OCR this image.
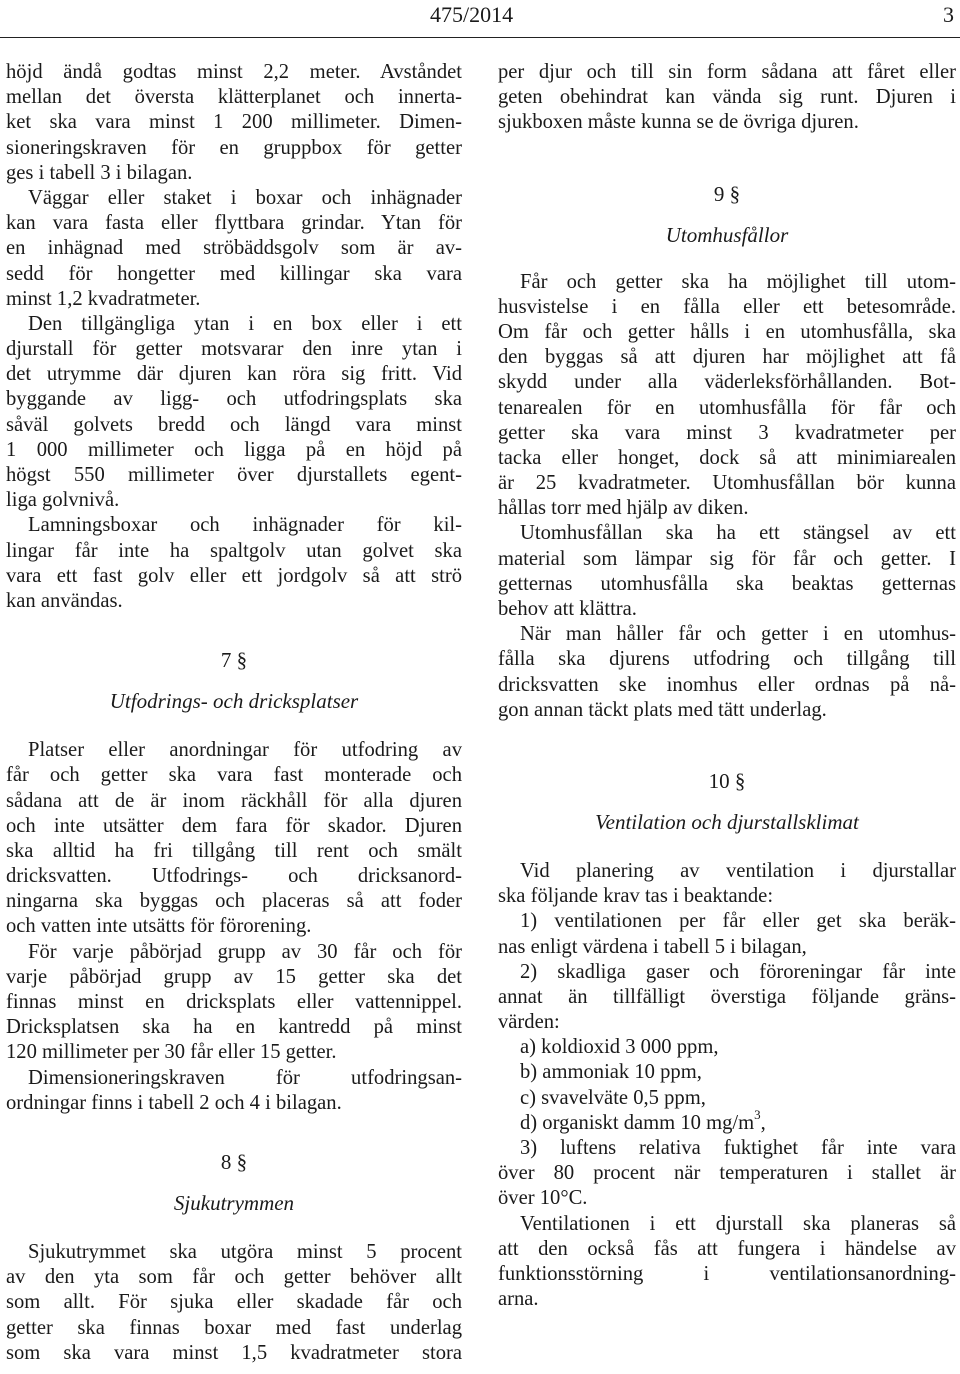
475/2014	3
höjd ändå godtas minst 2,2 meter. Avståndet
mellan det översta klätterplanet och innerta-
ket ska vara minst 1 200 millimeter. Dimen-
sioneringskraven för en gruppbox för getter
ges i tabell 3 i bilagan.
Väggar eller staket i boxar och inhägnader
kan vara fasta eller flyttbara grindar. Ytan för
en inhägnad med ströbäddsgolv som är av-
sedd för hongetter med killingar ska vara
minst 1,2 kvadratmeter.
Den tillgängliga ytan i en box eller i ett
djurstall för getter motsvarar den inre ytan i
det utrymme där djuren kan röra sig fritt. Vid
byggande av ligg- och utfodringsplats ska
såväl golvets bredd och längd vara minst
1 000 millimeter och ligga på en höjd på
högst 550 millimeter över djurstallets egent-
liga golvnivå.
Lamningsboxar och inhägnader för kil-
lingar får inte ha spaltgolv utan golvet ska
vara ett fast golv eller ett jordgolv så att strö
kan användas.
7 §
Utfodrings- och dricksplatser
Platser eller anordningar för utfodring av
får och getter ska vara fast monterade och
sådana att de är inom räckhåll för alla djuren
och inte utsätter dem fara för skador. Djuren
ska alltid ha fri tillgång till rent och smält
dricksvatten. Utfodrings- och dricksanord-
ningarna ska byggas och placeras så att foder
och vatten inte utsätts för förorening.
För varje påbörjad grupp av 30 får och för
varje påbörjad grupp av 15 getter ska det
finnas minst en dricksplats eller vattennippel.
Dricksplatsen ska ha en kantredd på minst
120 millimeter per 30 får eller 15 getter.
Dimensioneringskraven för utfodringsan-
ordningar finns i tabell 2 och 4 i bilagan.
8 §
Sjukutrymmen
Sjukutrymmet ska utgöra minst 5 procent
av den yta som får och getter behöver allt
som allt. För sjuka eller skadade får och
getter ska finnas boxar med fast underlag
som ska vara minst 1,5 kvadratmeter stora
per djur och till sin form sådana att fåret eller
geten obehindrat kan vända sig runt. Djuren i
sjukboxen måste kunna se de övriga djuren.
9 §
Utomhusfållor
Får och getter ska ha möjlighet till utom-
husvistelse i en fålla eller ett betesområde.
Om får och getter hålls i en utomhusfålla, ska
den byggas så att djuren har möjlighet att få
skydd under alla väderleksförhållanden. Bot-
tenarealen för en utomhusfålla för får och
getter ska vara minst 3 kvadratmeter per
tacka eller honget, dock så att minimiarealen
är 25 kvadratmeter. Utomhusfållan bör kunna
hållas torr med hjälp av diken.
Utomhusfållan ska ha ett stängsel av ett
material som lämpar sig för får och getter. I
getternas utomhusfålla ska beaktas getternas
behov att klättra.
När man håller får och getter i en utomhus-
fålla ska djurens utfodring och tillgång till
dricksvatten ske inomhus eller ordnas på nå-
gon annan täckt plats med tätt underlag.
10 §
Ventilation och djurstallsklimat
Vid planering av ventilation i djurstallar
ska följande krav tas i beaktande:
1) ventilationen per får eller get ska beräk-
nas enligt värdena i tabell 5 i bilagan,
2) skadliga gaser och föroreningar får inte
annat än tillfälligt överstiga följande gräns-
värden:
a) koldioxid 3 000 ppm,
b) ammoniak 10 ppm,
c) svavelväte 0,5 ppm,
d) organiskt damm 10 $mg/m^3$,
3) luftens relativa fuktighet får inte vara
över 80 procent när temperaturen i stallet är
över 10°C.
Ventilationen i ett djurstall ska planeras så
att den också fås att fungera i händelse av
funktionsstörning i ventilationsanordning-
arna.
